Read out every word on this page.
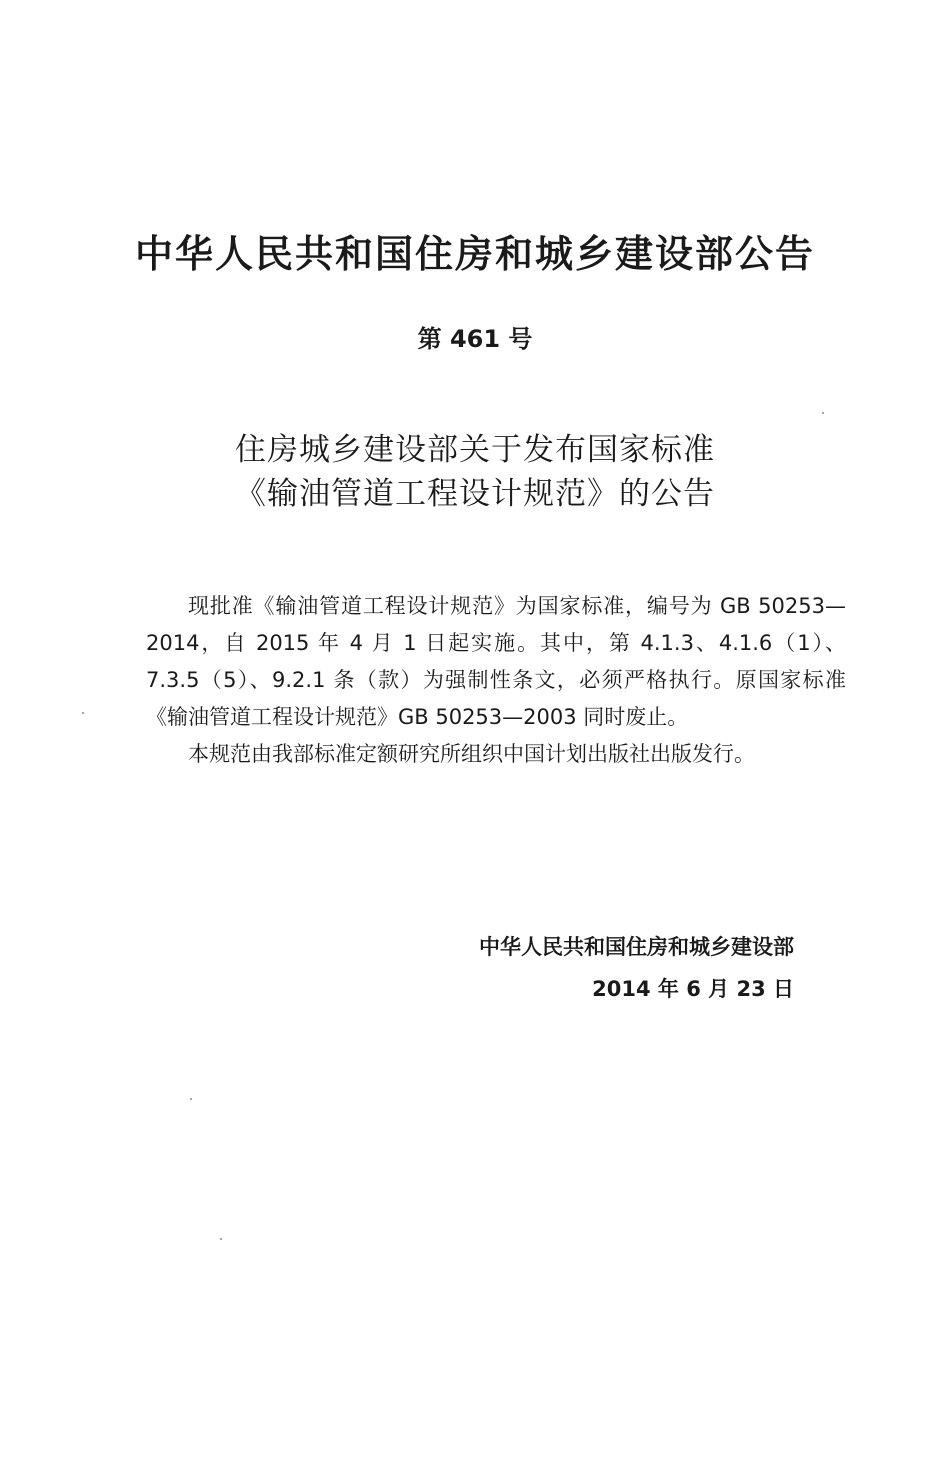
中华人民共和国住房和城乡建设部公告
第 461 号
住房城乡建设部关于发布国家标准
《输油管道工程设计规范》的公告

现批准《输油管道工程设计规范》为国家标准，编号为 GB 50253—2014，自 2015 年 4 月 1 日起实施。其中，第 4.1.3、4.1.6（1）、7.3.5（5）、9.2.1 条（款）为强制性条文，必须严格执行。原国家标准《输油管道工程设计规范》GB 50253—2003 同时废止。

本规范由我部标准定额研究所组织中国计划出版社出版发行。

中华人民共和国住房和城乡建设部
2014 年 6 月 23 日
